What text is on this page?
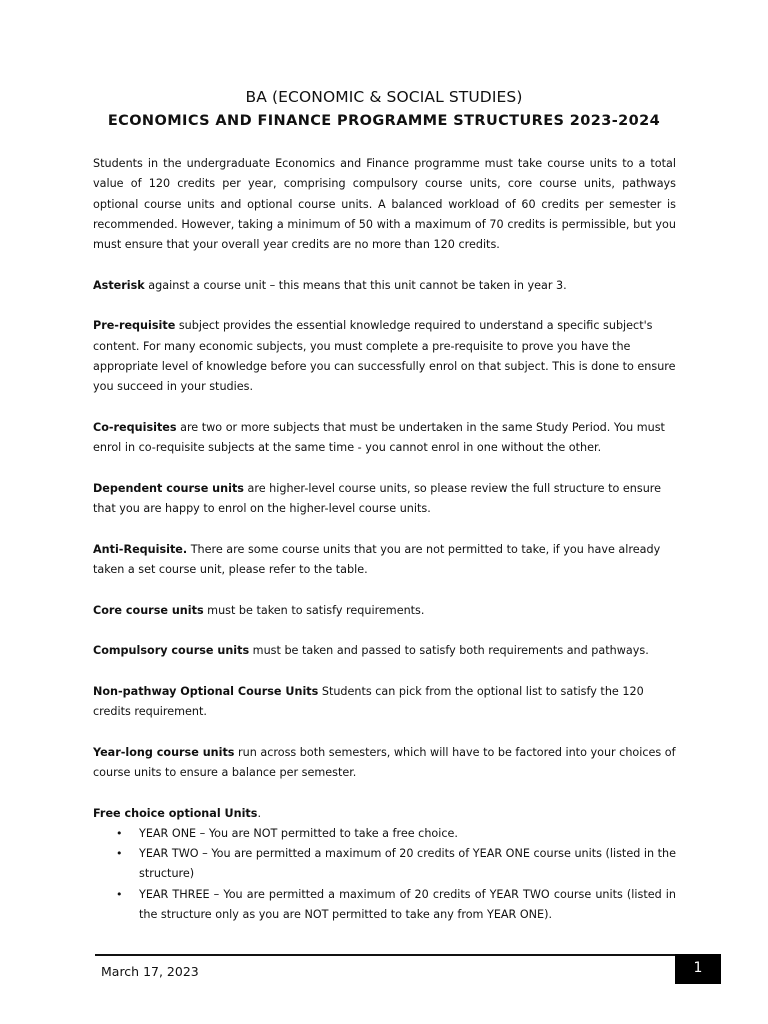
BA (ECONOMIC & SOCIAL STUDIES)
ECONOMICS AND FINANCE PROGRAMME STRUCTURES 2023-2024

Students in the undergraduate Economics and Finance programme must take course units to a total value of 120 credits per year, comprising compulsory course units, core course units, pathways optional course units and optional course units. A balanced workload of 60 credits per semester is recommended. However, taking a minimum of 50 with a maximum of 70 credits is permissible, but you must ensure that your overall year credits are no more than 120 credits.

Asterisk against a course unit – this means that this unit cannot be taken in year 3.

Pre-requisite subject provides the essential knowledge required to understand a specific subject's content. For many economic subjects, you must complete a pre-requisite to prove you have the appropriate level of knowledge before you can successfully enrol on that subject. This is done to ensure you succeed in your studies.

Co-requisites are two or more subjects that must be undertaken in the same Study Period. You must enrol in co-requisite subjects at the same time - you cannot enrol in one without the other.

Dependent course units are higher-level course units, so please review the full structure to ensure that you are happy to enrol on the higher-level course units.

Anti-Requisite. There are some course units that you are not permitted to take, if you have already taken a set course unit, please refer to the table.

Core course units must be taken to satisfy requirements.

Compulsory course units must be taken and passed to satisfy both requirements and pathways.

Non-pathway Optional Course Units Students can pick from the optional list to satisfy the 120 credits requirement.

Year-long course units run across both semesters, which will have to be factored into your choices of course units to ensure a balance per semester.

Free choice optional Units.
• YEAR ONE – You are NOT permitted to take a free choice.
• YEAR TWO – You are permitted a maximum of 20 credits of YEAR ONE course units (listed in the structure)
• YEAR THREE – You are permitted a maximum of 20 credits of YEAR TWO course units (listed in the structure only as you are NOT permitted to take any from YEAR ONE).
March 17, 2023	1
